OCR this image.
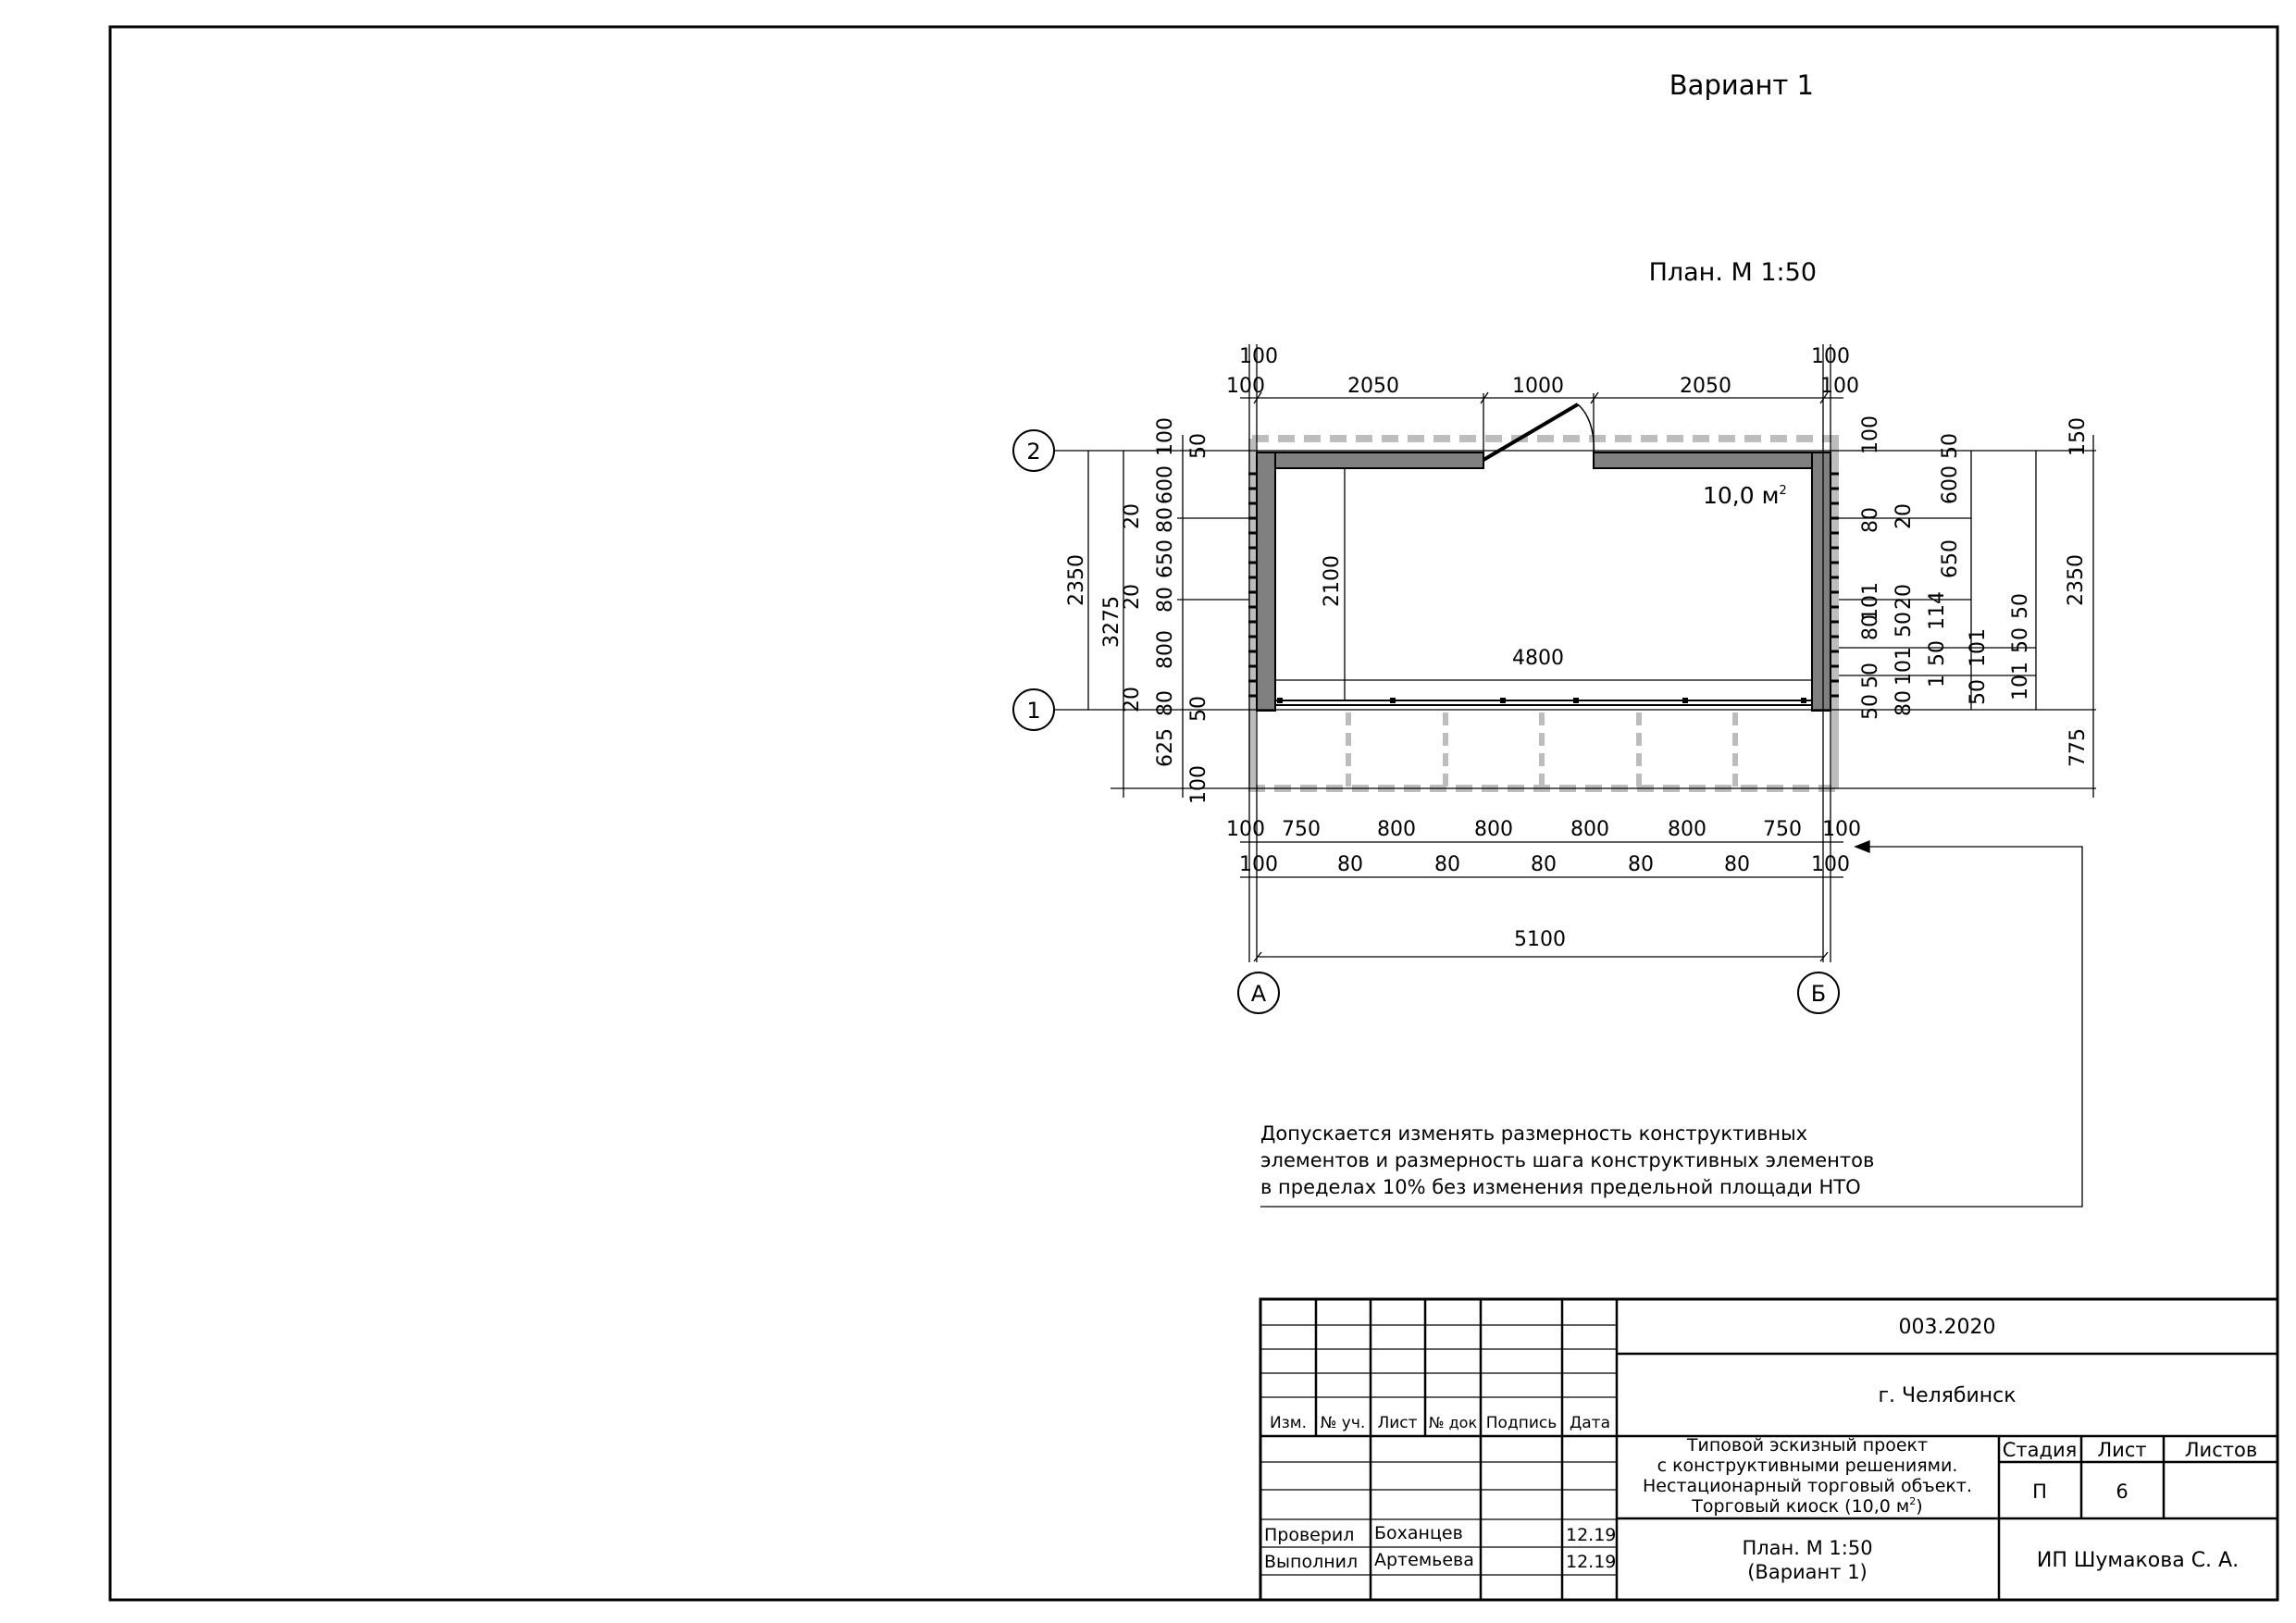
Вариант 1
План. М 1:50
100	100
100	2050	1000	2050	100
4800
2100
100 750	800	800	800	800	750 100
100	80	80	80	80	80	100
5100
2350
3275
100 50
600
80
20
650
80
20
800
80
20 50
625
100
100	50	150
600
80 20
650	2350
101
80
20
50 114	50
50
101
50
101 1
50	101
50
80
50
775
10,0 $м^2$
2
1
А	Б
Допускается изменять размерность конструктивных
элементов и размерность шага конструктивных элементов
в пределах 10% без изменения предельной площади НТО
003.2020
г. Челябинск
Изм. № уч. Лист № док Подпись Дата
Типовой эскизный проект
с конструктивными решениями.
Нестационарный торговый объект.
Торговый киоск (10,0 $м^2$)
Стадия Лист Листов
П	6
Проверил Боханцев	12.19
Выполнил Артемьева	12.19
План. М 1:50
(Вариант 1)	ИП Шумакова С. А.
